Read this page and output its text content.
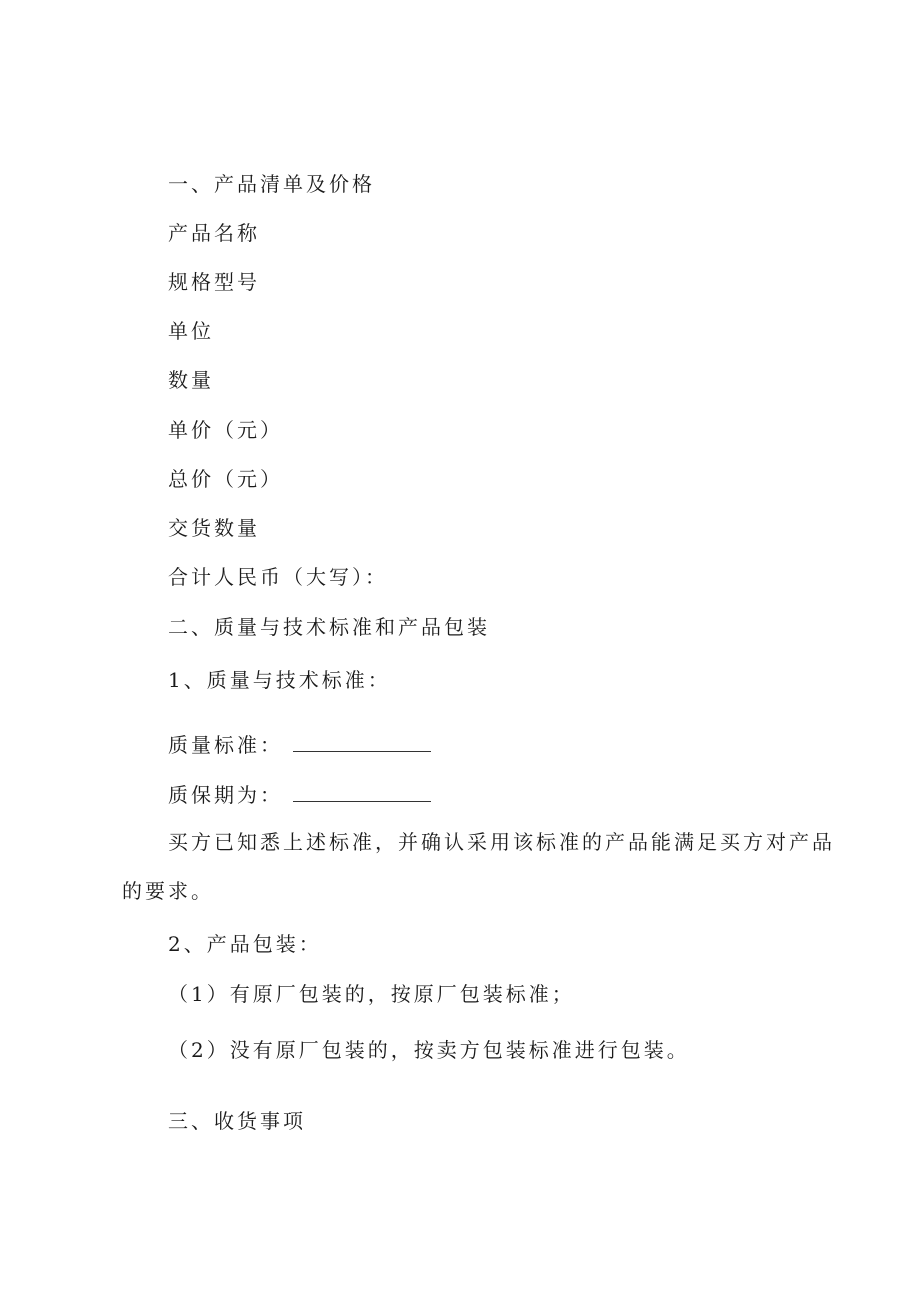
一、产品清单及价格
产品名称
规格型号
单位
数量
单价（元）
总价（元）
交货数量
合计人民币（大写）：
二、质量与技术标准和产品包装
1、质量与技术标准：
质量标准：
质保期为：
买方已知悉上述标准，并确认采用该标准的产品能满足买方对产品
的要求。
2、产品包装：
（1）有原厂包装的，按原厂包装标准；
（2）没有原厂包装的，按卖方包装标准进行包装。
三、收货事项
